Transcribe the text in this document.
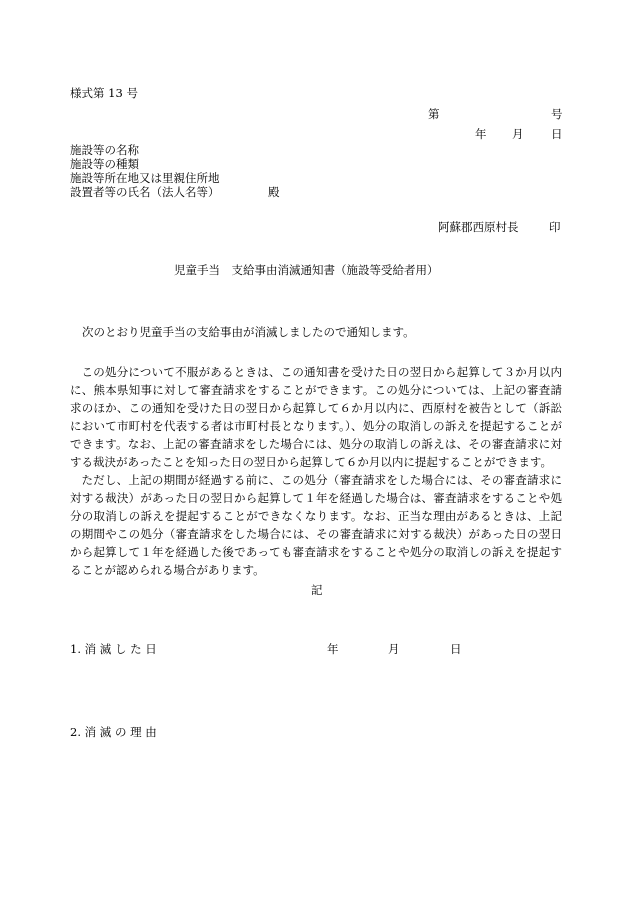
様式第 13 号
第	号
年 月 日
施設等の名称
施設等の種類
施設等所在地又は里親住所地
設置者等の氏名（法人名等）	殿
阿蘇郡西原村長	印
児童手当　支給事由消滅通知書（施設等受給者用）
次のとおり児童手当の支給事由が消滅しましたので通知します。

この処分について不服があるときは、この通知書を受けた日の翌日から起算して３か月以内に、熊本県知事に対して審査請求をすることができます。この処分については、上記の審査請求のほか、この通知を受けた日の翌日から起算して６か月以内に、西原村を被告として（訴訟において市町村を代表する者は市町村長となります。）、処分の取消しの訴えを提起することができます。なお、上記の審査請求をした場合には、処分の取消しの訴えは、その審査請求に対する裁決があったことを知った日の翌日から起算して６か月以内に提起することができます。

ただし、上記の期間が経過する前に、この処分（審査請求をした場合には、その審査請求に対する裁決）があった日の翌日から起算して１年を経過した場合は、審査請求をすることや処分の取消しの訴えを提起することができなくなります。なお、正当な理由があるときは、上記の期間やこの処分（審査請求をした場合には、その審査請求に対する裁決）があった日の翌日から起算して１年を経過した後であっても審査請求をすることや処分の取消しの訴えを提起することが認められる場合があります。

記
1. 消 滅 し た 日	年	月	日
2. 消 滅 の 理 由
